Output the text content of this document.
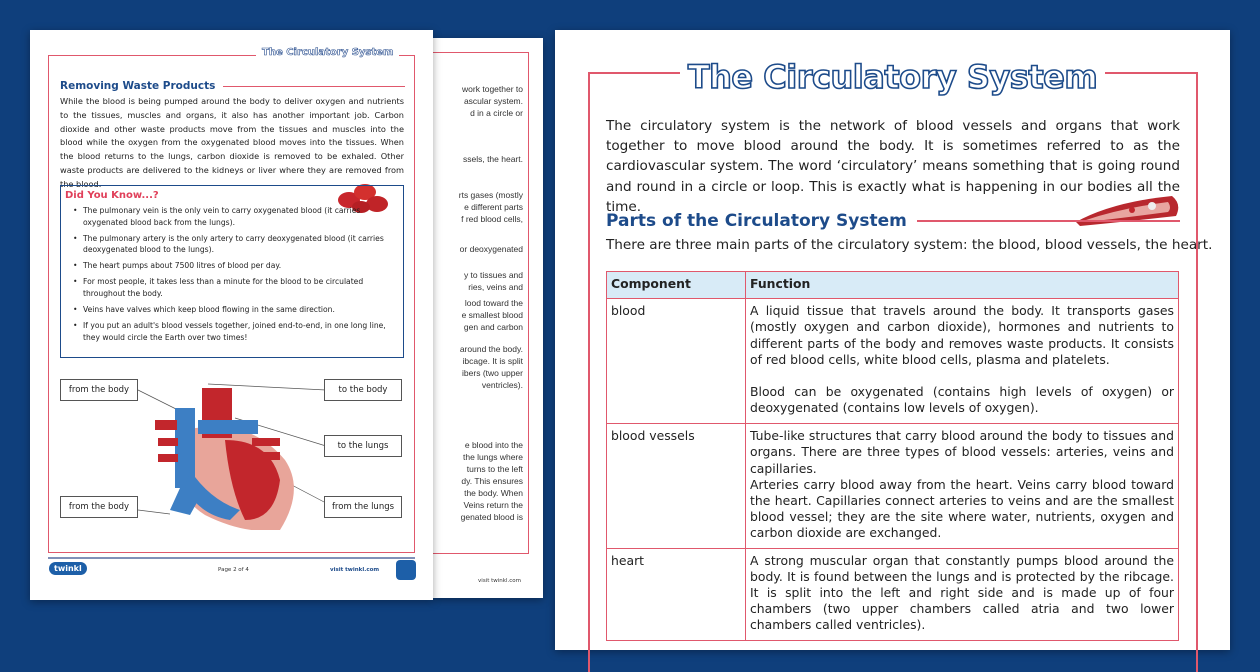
work together to
ascular system.
d in a circle or
ssels, the heart.
rts gases (mostly
e different parts
f red blood cells,
or deoxygenated
y to tissues and
ries, veins and
lood toward the
e smallest blood
gen and carbon
around the body.
ibcage. It is split
ibers (two upper
ventricles).
e blood into the
the lungs where
turns to the left
dy. This ensures
the body. When
Veins return the
genated blood is
visit twinkl.com
The Circulatory System
Removing Waste Products

While the blood is being pumped around the body to deliver oxygen and nutrients to the tissues, muscles and organs, it also has another important job. Carbon dioxide and other waste products move from the tissues and muscles into the blood while the oxygen from the oxygenated blood moves into the tissues. When the blood returns to the lungs, carbon dioxide is removed to be exhaled. Other waste products are delivered to the kidneys or liver where they are removed from the blood.

Did You Know...?
• The pulmonary vein is the only vein to carry oxygenated blood (it carries oxygenated blood back from the lungs).
• The pulmonary artery is the only artery to carry deoxygenated blood (it carries deoxygenated blood to the lungs).
• The heart pumps about 7500 litres of blood per day.
• For most people, it takes less than a minute for the blood to be circulated throughout the body.
• Veins have valves which keep blood flowing in the same direction.
• If you put an adult's blood vessels together, joined end-to-end, in one long line, they would circle the Earth over two times!
from the body	to the body
to the lungs
from the body	from the lungs
twinkl	Page 2 of 4	visit twinkl.com
The Circulatory System

The circulatory system is the network of blood vessels and organs that work together to move blood around the body. It is sometimes referred to as the cardiovascular system. The word ‘circulatory’ means something that is going round and round in a circle or loop. This is exactly what is happening in our bodies all the time.

Parts of the Circulatory System
There are three main parts of the circulatory system: the blood, blood vessels, the heart.
Component	Function
blood	A liquid tissue that travels around the body. It transports gases (mostly oxygen and carbon dioxide), hormones and nutrients to different parts of the body and removes waste products. It consists of red blood cells, white blood cells, plasma and platelets.
Blood can be oxygenated (contains high levels of oxygen) or deoxygenated (contains low levels of oxygen).

blood vessels	Tube-like structures that carry blood around the body to tissues and organs. There are three types of blood vessels: arteries, veins and capillaries.
Arteries carry blood away from the heart. Veins carry blood toward the heart. Capillaries connect arteries to veins and are the smallest blood vessel; they are the site where water, nutrients, oxygen and carbon dioxide are exchanged.

heart	A strong muscular organ that constantly pumps blood around the body. It is found between the lungs and is protected by the ribcage. It is split into the left and right side and is made up of four chambers (two upper chambers called atria and two lower chambers called ventricles).
